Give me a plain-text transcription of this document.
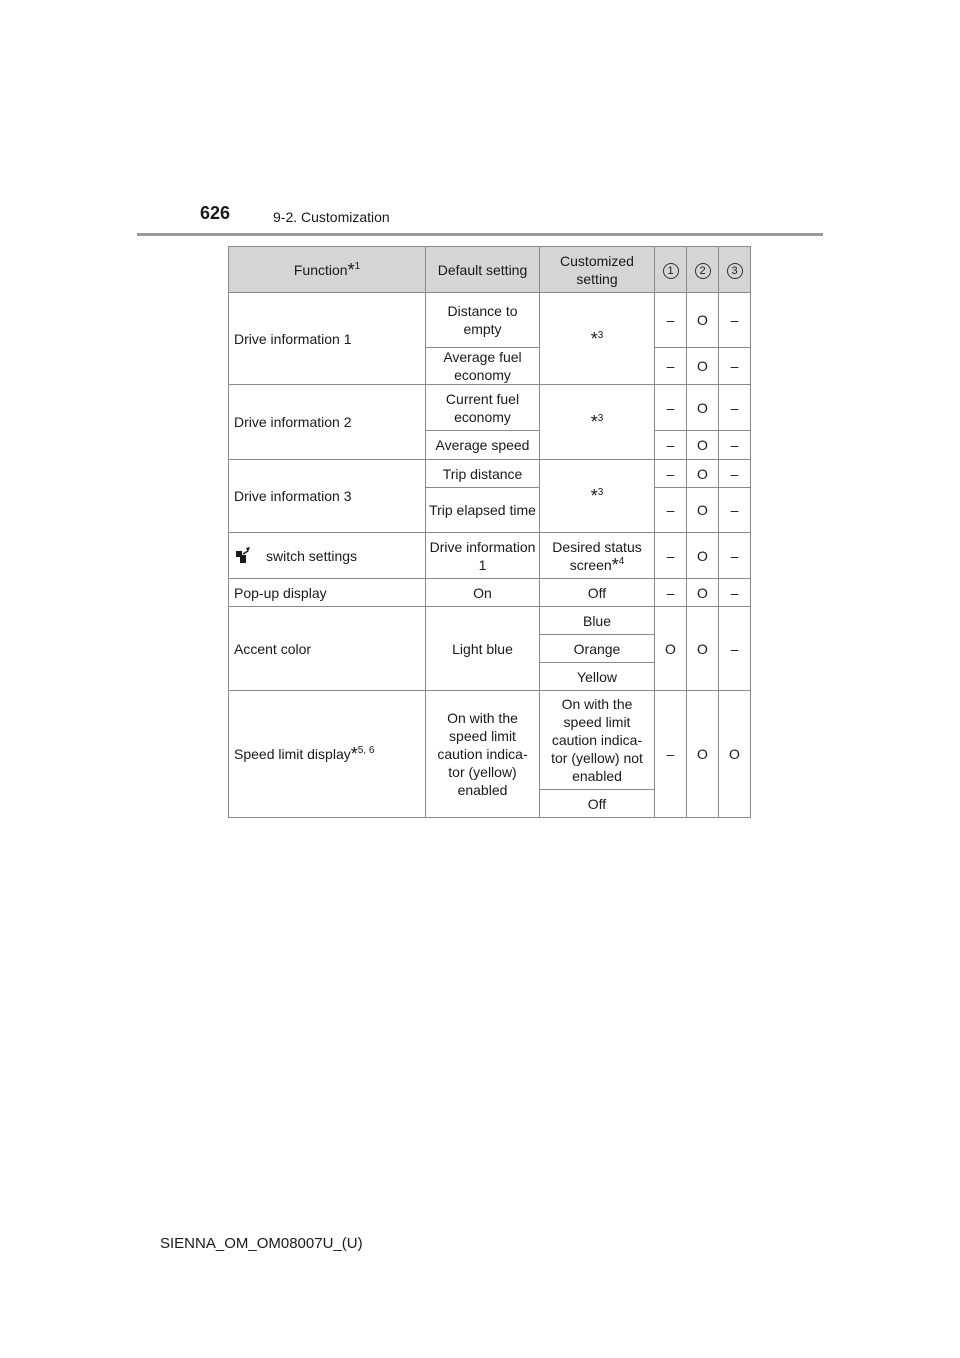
626	9-2. Customization
Function*$^1$	Default setting	Customized setting	1	2	3
Drive information 1	Distance to empty	*$^3$	–	O	–
	Average fuel economy		–	O	–
Drive information 2	Current fuel economy	*$^3$	–	O	–
	Average speed		–	O	–
Drive information 3	Trip distance	*$^3$	–	O	–
	Trip elapsed time		–	O	–
switch settings	Drive information 1	Desired status screen*$^4$	–	O	–
Pop-up display	On	Off	–	O	–
Accent color	Light blue	Blue	O	O	–
		Orange			
		Yellow			
Speed limit display*$^{5, 6}$	On with the speed limit caution indica- tor (yellow) enabled	On with the speed limit caution indica- tor (yellow) not enabled	–	O	O
		Off			
SIENNA_OM_OM08007U_(U)
